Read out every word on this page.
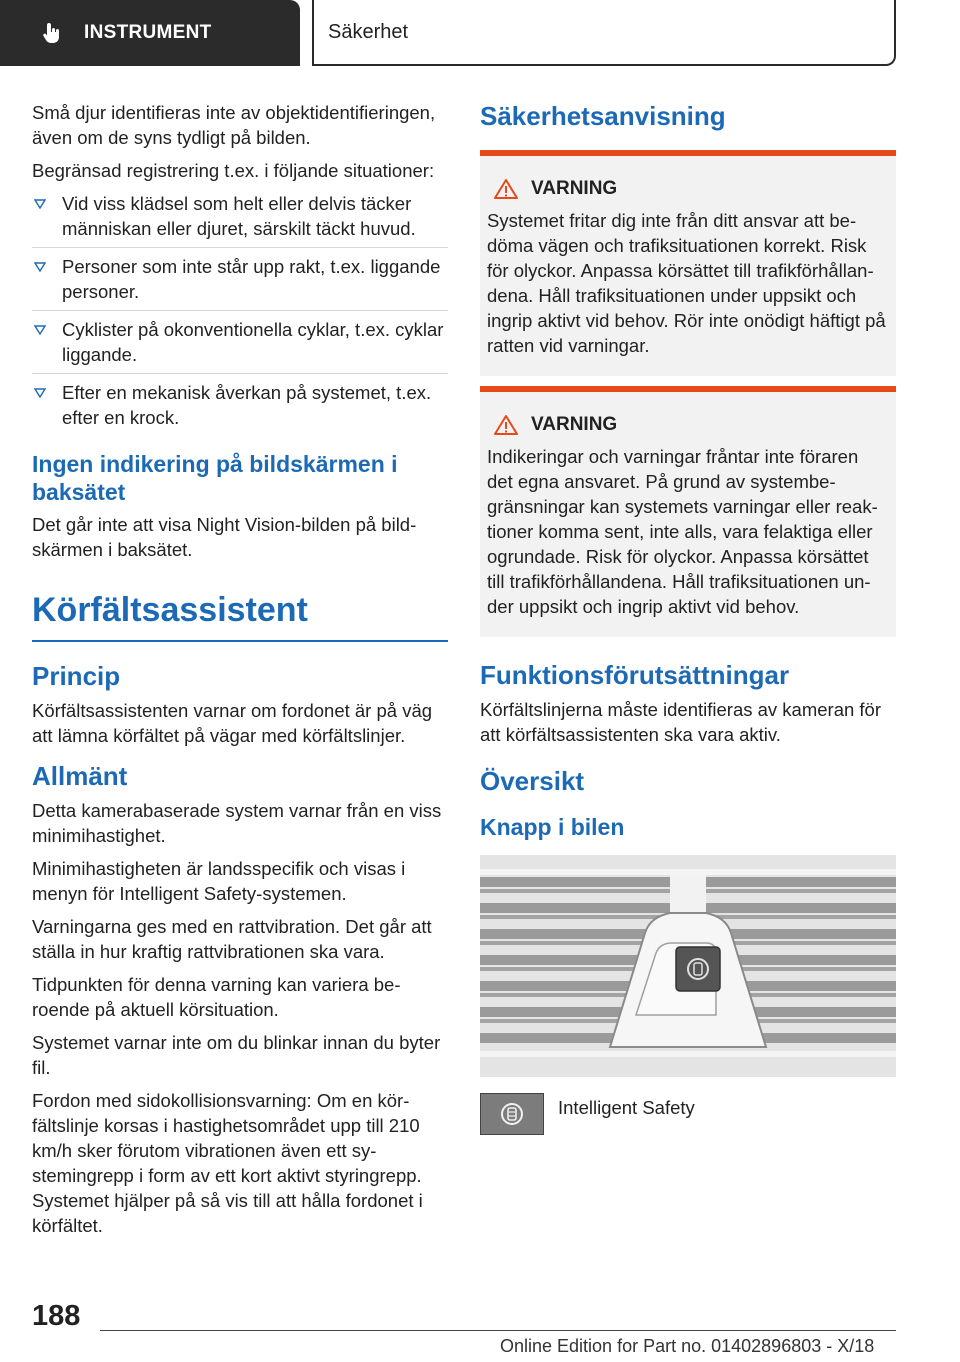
INSTRUMENT	Säkerhet

Små djur identifieras inte av objektidentifieringen, även om de syns tydligt på bilden.

Begränsad registrering t.ex. i följande situationer:

Vid viss klädsel som helt eller delvis täcker människan eller djuret, särskilt täckt huvud.
Personer som inte står upp rakt, t.ex. liggande personer.
Cyklister på okonventionella cyklar, t.ex. cyklar liggande.
Efter en mekanisk åverkan på systemet, t.ex. efter en krock.
Ingen indikering på bildskärmen i baksätet

Det går inte att visa Night Vision-bilden på bildskärmen i baksätet.

Körfältsassistent
Princip

Körfältsassistenten varnar om fordonet är på väg att lämna körfältet på vägar med körfältslinjer.

Allmänt

Detta kamerabaserade system varnar från en viss minimihastighet.

Minimihastigheten är landsspecifik och visas i menyn för Intelligent Safety-systemen.

Varningarna ges med en rattvibration. Det går att ställa in hur kraftig rattvibrationen ska vara.

Tidpunkten för denna varning kan variera beroende på aktuell körsituation.

Systemet varnar inte om du blinkar innan du byter fil.

Fordon med sidokollisionsvarning: Om en körfältslinje korsas i hastighetsområdet upp till 210 km/h sker förutom vibrationen även ett systemingrepp i form av ett kort aktivt styringrepp. Systemet hjälper på så vis till att hålla fordonet i körfältet.

Säkerhetsanvisning
VARNING

Systemet fritar dig inte från ditt ansvar att bedöma vägen och trafiksituationen korrekt. Risk för olyckor. Anpassa körsättet till trafikförhållandena. Håll trafiksituationen under uppsikt och ingrip aktivt vid behov. Rör inte onödigt häftigt på ratten vid varningar.

VARNING

Indikeringar och varningar fråntar inte föraren det egna ansvaret. På grund av systembegränsningar kan systemets varningar eller reaktioner komma sent, inte alls, vara felaktiga eller ogrundade. Risk för olyckor. Anpassa körsättet till trafikförhållandena. Håll trafiksituationen under uppsikt och ingrip aktivt vid behov.

Funktionsförutsättningar

Körfältslinjerna måste identifieras av kameran för att körfältsassistenten ska vara aktiv.

Översikt
Knapp i bilen
Intelligent Safety
188
Online Edition for Part no. 01402896803 - X/18
